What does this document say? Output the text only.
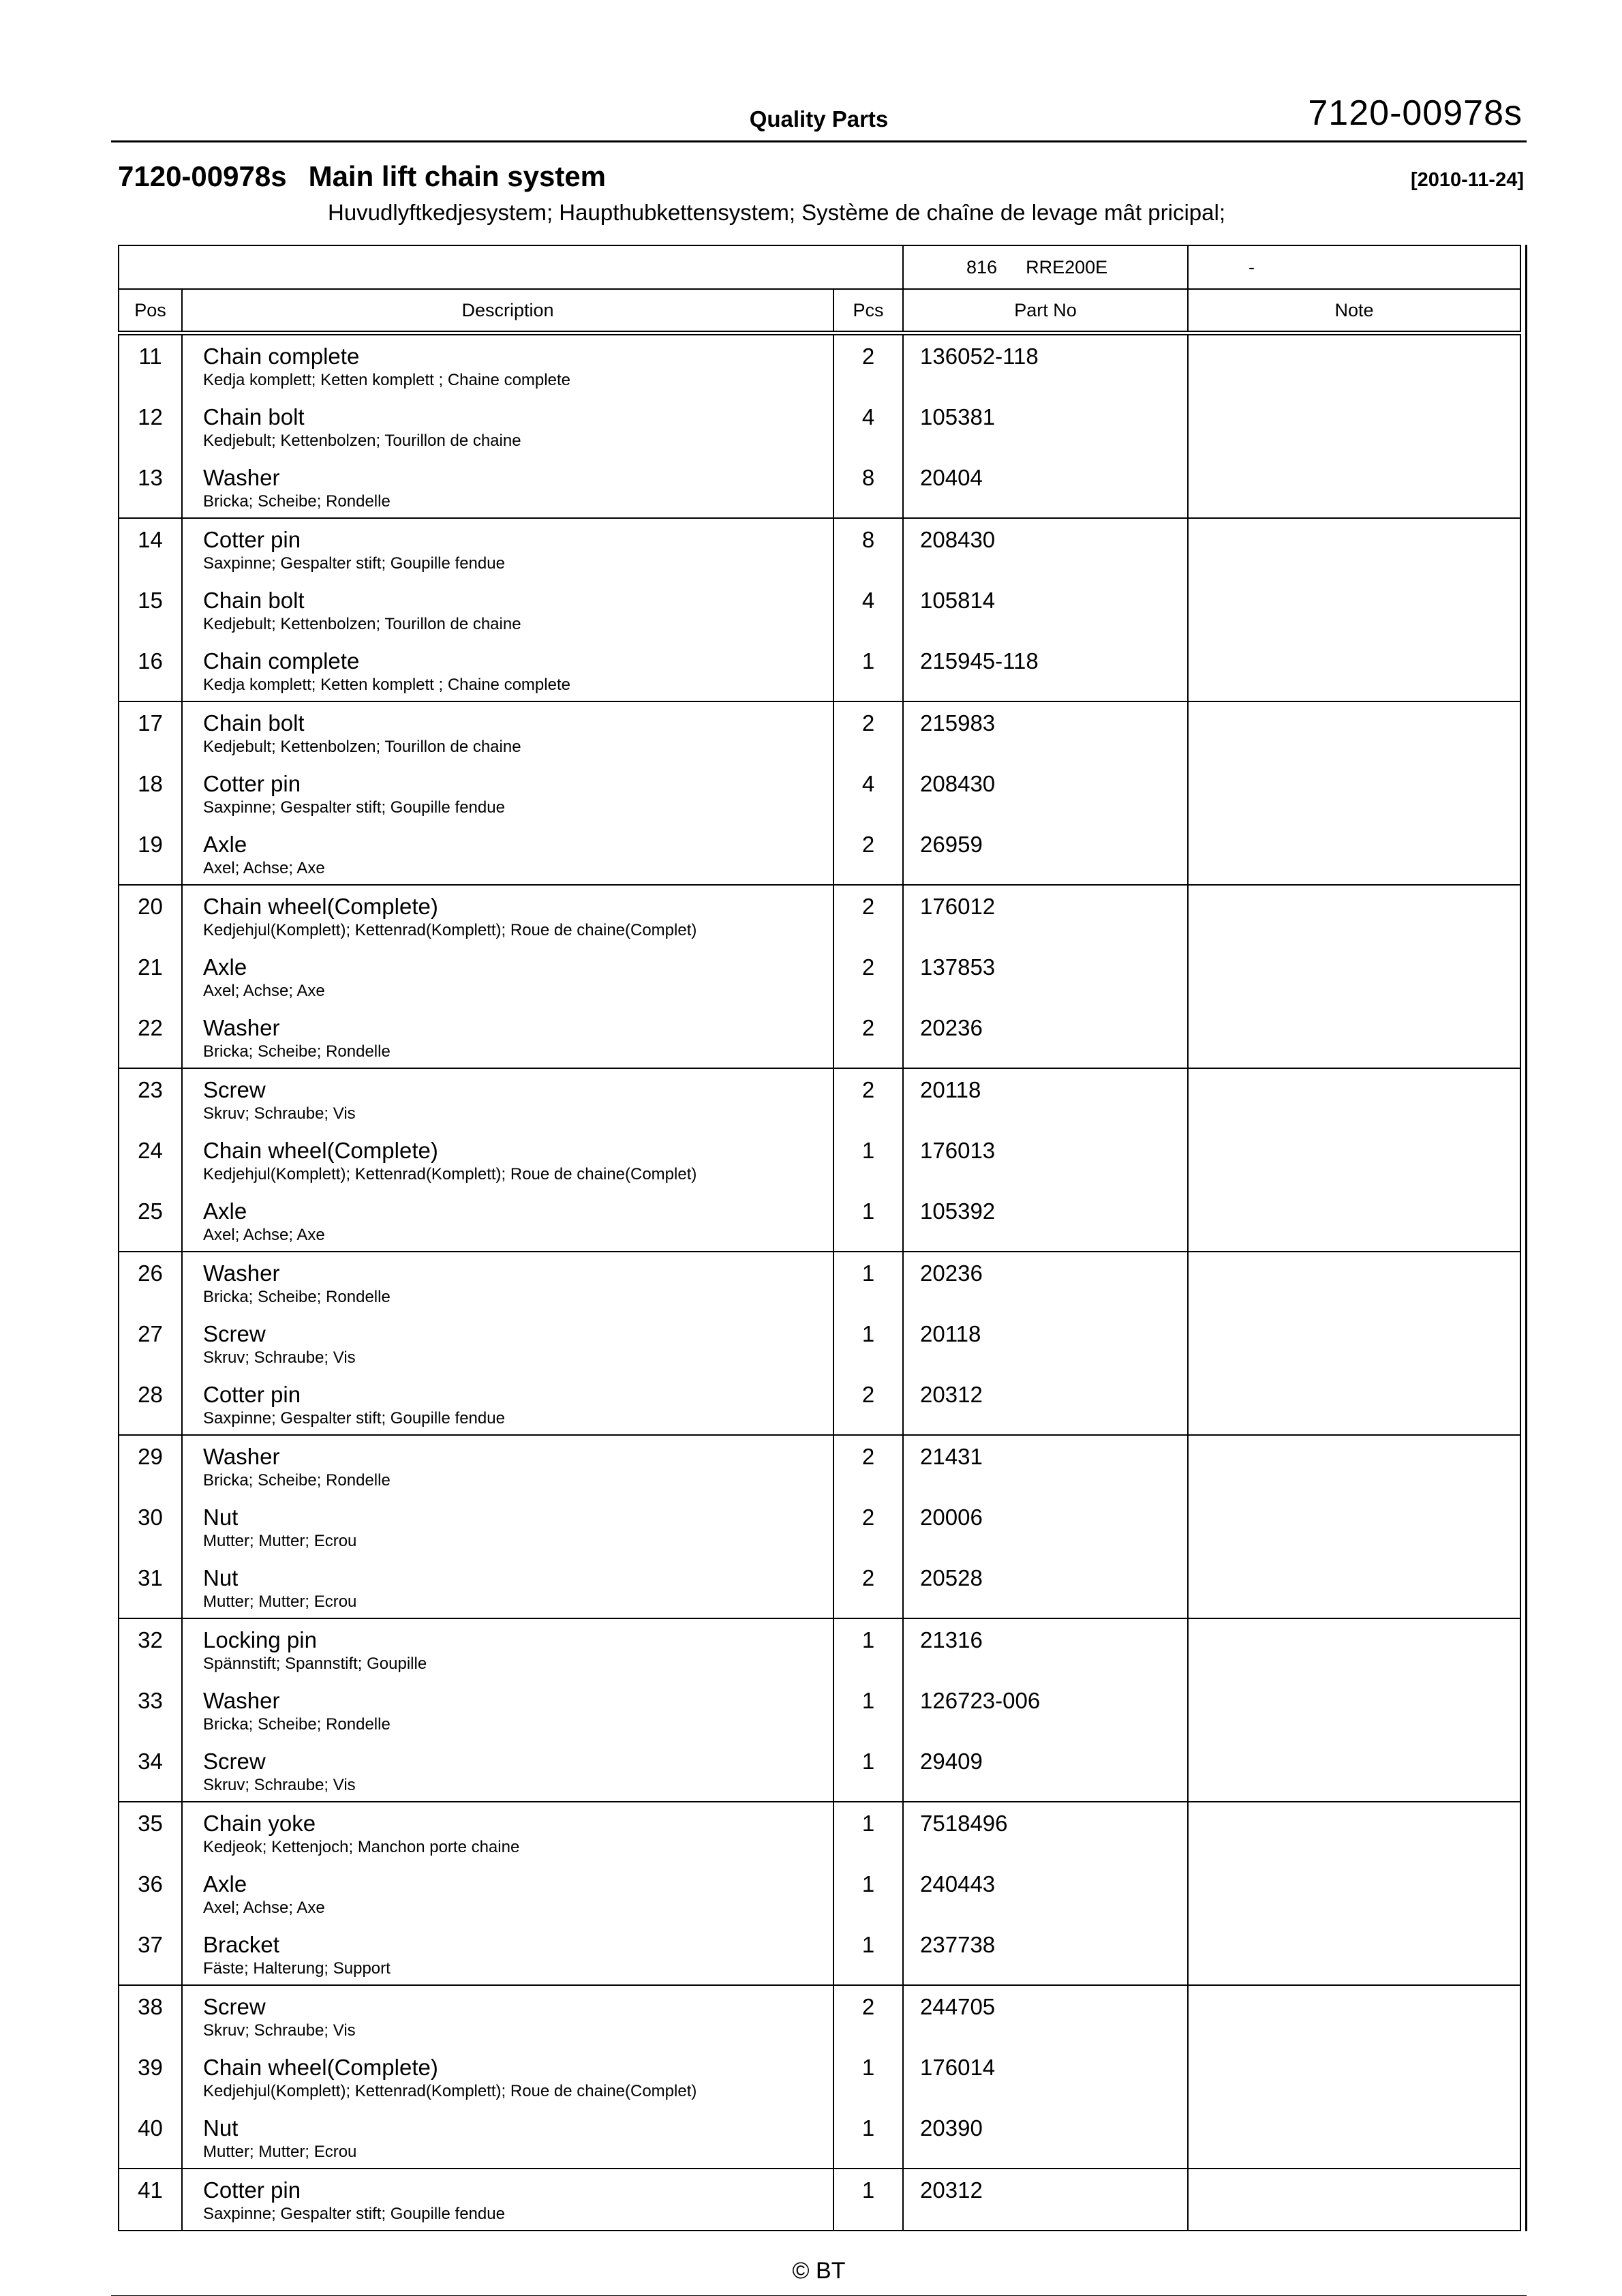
Quality Parts	7120-00978s
7120-00978s Main lift chain system	[2010-11-24]
Huvudlyftkedjesystem; Haupthubkettensystem; Système de chaîne de levage mât pricipal;
			816 RRE200E	-
Pos	Description	Pcs	Part No	Note
11	Chain complete
Kedja komplett; Ketten komplett ; Chaine complete	2	136052-118	
12	Chain bolt
Kedjebult; Kettenbolzen; Tourillon de chaine	4	105381	
13	Washer
Bricka; Scheibe; Rondelle	8	20404	
14	Cotter pin
Saxpinne; Gespalter stift; Goupille fendue	8	208430	
15	Chain bolt
Kedjebult; Kettenbolzen; Tourillon de chaine	4	105814	
16	Chain complete
Kedja komplett; Ketten komplett ; Chaine complete	1	215945-118	
17	Chain bolt
Kedjebult; Kettenbolzen; Tourillon de chaine	2	215983	
18	Cotter pin
Saxpinne; Gespalter stift; Goupille fendue	4	208430	
19	Axle
Axel; Achse; Axe	2	26959	
20	Chain wheel(Complete)
Kedjehjul(Komplett); Kettenrad(Komplett); Roue de chaine(Complet)	2	176012	
21	Axle
Axel; Achse; Axe	2	137853	
22	Washer
Bricka; Scheibe; Rondelle	2	20236	
23	Screw
Skruv; Schraube; Vis	2	20118	
24	Chain wheel(Complete)
Kedjehjul(Komplett); Kettenrad(Komplett); Roue de chaine(Complet)	1	176013	
25	Axle
Axel; Achse; Axe	1	105392	
26	Washer
Bricka; Scheibe; Rondelle	1	20236	
27	Screw
Skruv; Schraube; Vis	1	20118	
28	Cotter pin
Saxpinne; Gespalter stift; Goupille fendue	2	20312	
29	Washer
Bricka; Scheibe; Rondelle	2	21431	
30	Nut
Mutter; Mutter; Ecrou	2	20006	
31	Nut
Mutter; Mutter; Ecrou	2	20528	
32	Locking pin
Spännstift; Spannstift; Goupille	1	21316	
33	Washer
Bricka; Scheibe; Rondelle	1	126723-006	
34	Screw
Skruv; Schraube; Vis	1	29409	
35	Chain yoke
Kedjeok; Kettenjoch; Manchon porte chaine	1	7518496	
36	Axle
Axel; Achse; Axe	1	240443	
37	Bracket
Fäste; Halterung; Support	1	237738	
38	Screw
Skruv; Schraube; Vis	2	244705	
39	Chain wheel(Complete)
Kedjehjul(Komplett); Kettenrad(Komplett); Roue de chaine(Complet)	1	176014	
40	Nut
Mutter; Mutter; Ecrou	1	20390	
41	Cotter pin
Saxpinne; Gespalter stift; Goupille fendue	1	20312	
© BT
